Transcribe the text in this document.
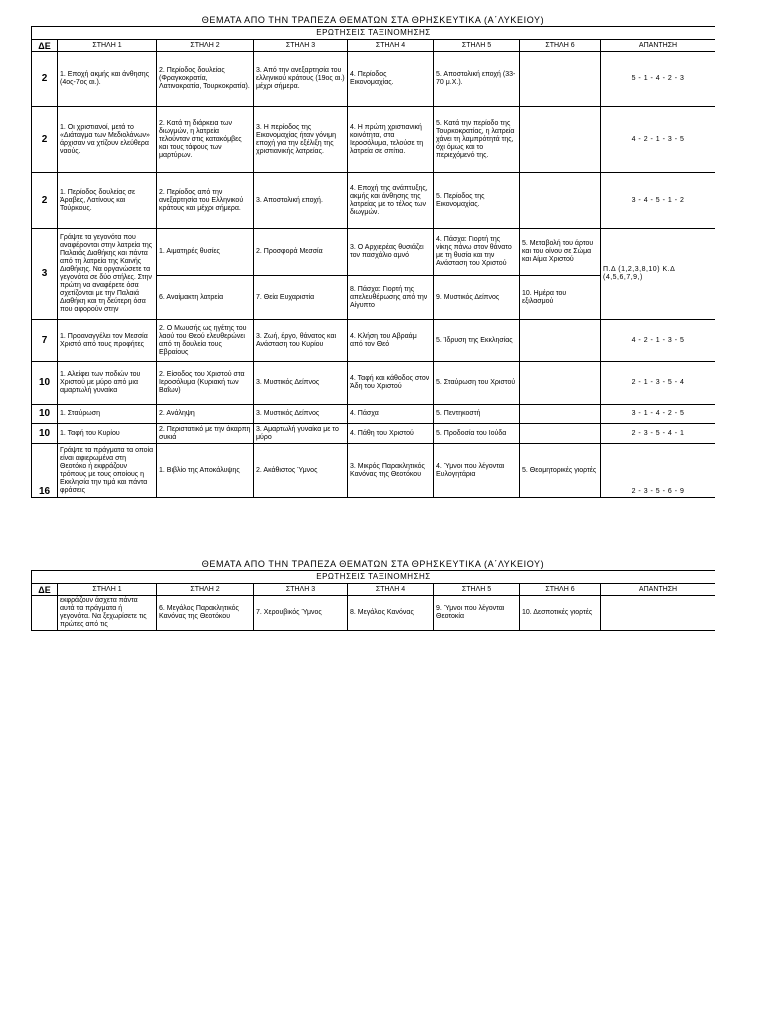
ΘΕΜΑΤΑ ΑΠΟ ΤΗΝ ΤΡΑΠΕΖΑ ΘΕΜΑΤΩΝ ΣΤΑ ΘΡΗΣΚΕΥΤΙΚΑ (Α΄ΛΥΚΕΙΟΥ)
ΕΡΩΤΗΣΕΙΣ ΤΑΞΙΝΟΜΗΣΗΣ							
ΔΕ	ΣΤΗΛΗ 1	ΣΤΗΛΗ 2	ΣΤΗΛΗ 3	ΣΤΗΛΗ 4	ΣΤΗΛΗ 5	ΣΤΗΛΗ 6	ΑΠΑΝΤΗΣΗ
2	1. Εποχή ακμής και άνθησης (4ος-7ος αι.).	2. Περίοδος δουλείας (Φραγκοκρατία, Λατινοκρατία, Τουρκοκρατία).	3. Από την ανεξαρτησία του ελληνικού κράτους (19ος αι.) μέχρι σήμερα.	4. Περίοδος Εικονομαχίας.	5. Αποστολική εποχή (33-70 μ.Χ.).		5 - 1 - 4 - 2 - 3
2	1. Οι χριστιανοί, μετά το «Διάταγμα των Μεδιολάνων» άρχισαν να χτίζουν ελεύθερα ναούς.	2. Κατά τη διάρκεια των διωγμών, η λατρεία τελούνταν στις κατακόμβες και τους τάφους των μαρτύρων.	3. Η περίοδος της Εικονομαχίας ήταν γόνιμη εποχή για την εξέλιξη της χριστιανικής λατρείας.	4. Η πρώτη χριστιανική κοινότητα, στα Ιεροσόλυμα, τελούσε τη λατρεία σε σπίτια.	5. Κατά την περίοδο της Τουρκοκρατίας, η λατρεία χάνει τη λαμπρότητά της, όχι όμως και το περιεχόμενό της.		4 - 2 - 1 - 3 - 5
2	1. Περίοδος δουλείας σε Άραβες, Λατίνους και Τούρκους.	2. Περίοδος από την ανεξαρτησία του Ελληνικού κράτους και μέχρι σήμερα.	3. Αποστολική εποχή.	4. Εποχή της ανάπτυξης, ακμής και άνθησης της λατρείας με το τέλος των διωγμών.	5. Περίοδος της Εικονομαχίας.		3 - 4 - 5 - 1 - 2
3	Γράψτε τα γεγονότα που αναφέρονται στην λατρεία της Παλαιάς Διαθήκης και πάντα από τη λατρεία της Καινής Διαθήκης. Να οργανώσετε τα γεγονότα σε δύο στήλες. Στην πρώτη να αναφέρετε όσα σχετίζονται με την Παλαιά Διαθήκη και τη δεύτερη όσα που αφορούν στην	1. Αιματηρές θυσίες	2. Προσφορά Μεσσία	3. Ο Αρχιερέας θυσιάζει τον πασχάλιο αμνό	4. Πάσχα: Γιορτή της νίκης πάνω στον θάνατο με τη θυσία και την Ανάσταση του Χριστού	5. Μεταβολή του άρτου και του οίνου σε Σώμα και Αίμα Χριστού	Π.Δ (1,2,3,8,10) Κ.Δ (4,5,6,7,9,)
		6. Αναίμακτη λατρεία	7. Θεία Ευχαριστία	8. Πάσχα: Γιορτή της απελευθέρωσης από την Αίγυπτο	9. Μυστικός Δείπνος	10. Ημέρα του εξιλασμού	
7	1. Προαναγγέλει τον Μεσσία Χριστό από τους προφήτες	2. Ο Μωυσής ως ηγέτης του λαού του Θεού ελευθερώνει από τη δουλεία τους Εβραίους	3. Ζωή, έργο, θάνατος και Ανάσταση του Κυρίου	4. Κλήση του Αβραάμ από τον Θεό	5. Ίδρυση της Εκκλησίας		4 - 2 - 1 - 3 - 5
10	1. Αλείφει των ποδιών του Χριστού με μύρο από μια αμαρτωλή γυναίκα	2. Είσοδος του Χριστού στα Ιεροσόλυμα (Κυριακή των Βαΐων)	3. Μυστικός Δείπνος	4. Ταφή και κάθοδος στον Άδη του Χριστού	5. Σταύρωση του Χριστού		2 - 1 - 3 - 5 - 4
10	1. Σταύρωση	2. Ανάληψη	3. Μυστικός Δείπνος	4. Πάσχα	5. Πεντηκοστή		3 - 1 - 4 - 2 - 5
10	1. Ταφή του Κυρίου	2. Περιστατικό με την άκαρπη συκιά	3. Αμαρτωλή γυναίκα με το μύρο	4. Πάθη του Χριστού	5. Προδοσία του Ιούδα		2 - 3 - 5 - 4 - 1
16	Γράψτε τα πράγματα τα οποία είναι αφιερωμένα στη Θεοτόκο ή εκφράζουν τρόπους με τους οποίους η Εκκλησία την τιμά και πάντα φράσεις	1. Βιβλίο της Αποκάλυψης	2. Ακάθιστος Ύμνος	3. Μικρός Παρακλητικός Κανόνας της Θεοτόκου	4. Ύμνοι που λέγονται Ευλογητάρια	5. Θεομητορικές γιορτές	2 - 3 - 5 - 6 - 9
ΘΕΜΑΤΑ ΑΠΟ ΤΗΝ ΤΡΑΠΕΖΑ ΘΕΜΑΤΩΝ ΣΤΑ ΘΡΗΣΚΕΥΤΙΚΑ (Α΄ΛΥΚΕΙΟΥ)
ΕΡΩΤΗΣΕΙΣ ΤΑΞΙΝΟΜΗΣΗΣ							
ΔΕ	ΣΤΗΛΗ 1	ΣΤΗΛΗ 2	ΣΤΗΛΗ 3	ΣΤΗΛΗ 4	ΣΤΗΛΗ 5	ΣΤΗΛΗ 6	ΑΠΑΝΤΗΣΗ
	εκφράζουν άσχετα πάντα αυτά τα πράγματα ή γεγονότα. Να ξεχωρίσετε τις πρώτες από τις	6. Μεγάλος Παρακλητικός Κανόνας της Θεοτόκου	7. Χερουβικός Ύμνος	8. Μεγάλος Κανόνας	9. Ύμνοι που λέγονται Θεοτοκία	10. Δεσποτικές γιορτές	
